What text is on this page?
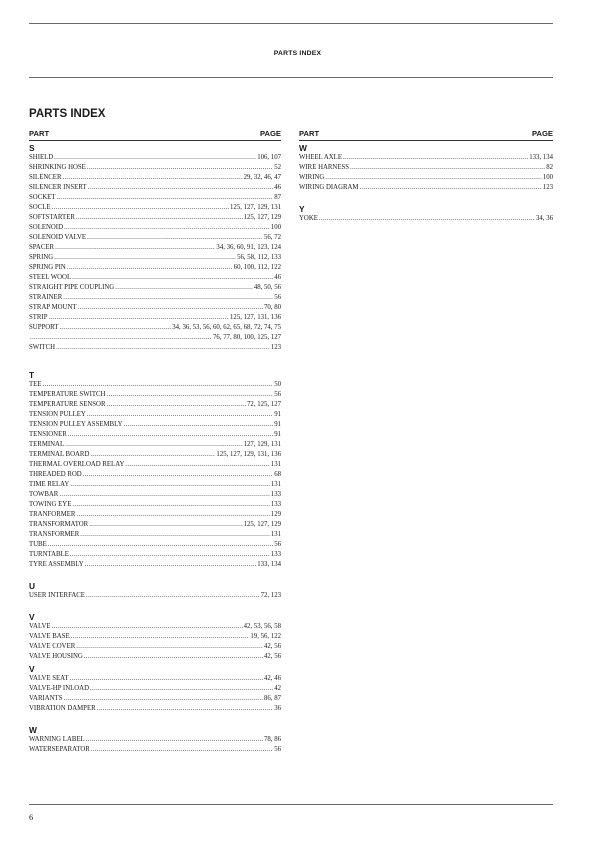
PARTS INDEX
PARTS INDEX
PART	PAGE
S
SHIELD .....	106, 107
SHRINKING HOSE .....	52
SILENCER .....	29, 32, 46, 47
SILENCER INSERT .....	46
SOCKET .....	87
SOCLE .....	125, 127, 129, 131
SOFTSTARTER .....	125, 127, 129
SOLENOID .....	100
SOLENOID VALVE .....	56, 72
SPACER .....	34, 36, 60, 91, 123, 124
SPRING .....	56, 58, 112, 133
SPRING PIN .....	60, 100, 112, 122
STEEL WOOL .....	46
STRAIGHT PIPE COUPLING .....	48, 50, 56
STRAINER .....	56
STRAP MOUNT .....	70, 80
STRIP .....	125, 127, 131, 136
SUPPORT .....	34, 36, 53, 56, 60, 62, 65, 68, 72, 74, 75
.....
76, 77, 80, 100, 125, 127
SWITCH .....	123
T
TEE .....	50
TEMPERATURE SWITCH .....	56
TEMPERATURE SENSOR .....	72, 125, 127
TENSION PULLEY .....	91
TENSION PULLEY ASSEMBLY .....	91
TENSIONER .....	91
TERMINAL .....	127, 129, 131
TERMINAL BOARD .....	125, 127, 129, 131, 136
THERMAL OVERLOAD RELAY .....	131
THREADED ROD .....	68
TIME RELAY .....	131
TOWBAR .....	133
TOWING EYE .....	133
TRANFORMER .....	129
TRANSFORMATOR .....	125, 127, 129
TRANSFORMER .....	131
TUBE .....	56
TURNTABLE .....	133
TYRE ASSEMBLY .....	133, 134
U
USER INTERFACE .....	72, 123
V
VALVE .....	42, 53, 56, 58
VALVE BASE .....	19, 56, 122
VALVE COVER .....	42, 56
VALVE HOUSING .....	42, 56
V
VALVE SEAT .....	42, 46
VALVE-HP INLOAD .....	42
VARIANTS .....	86, 87
VIBRATION DAMPER .....	36
W
WARNING LABEL .....	78, 86
WATERSEPARATOR .....	56
PART	PAGE
W
WHEEL AXLE .....	133, 134
WIRE HARNESS .....	82
WIRING .....	100
WIRING DIAGRAM .....	123
Y
YOKE .....	34, 36
6
